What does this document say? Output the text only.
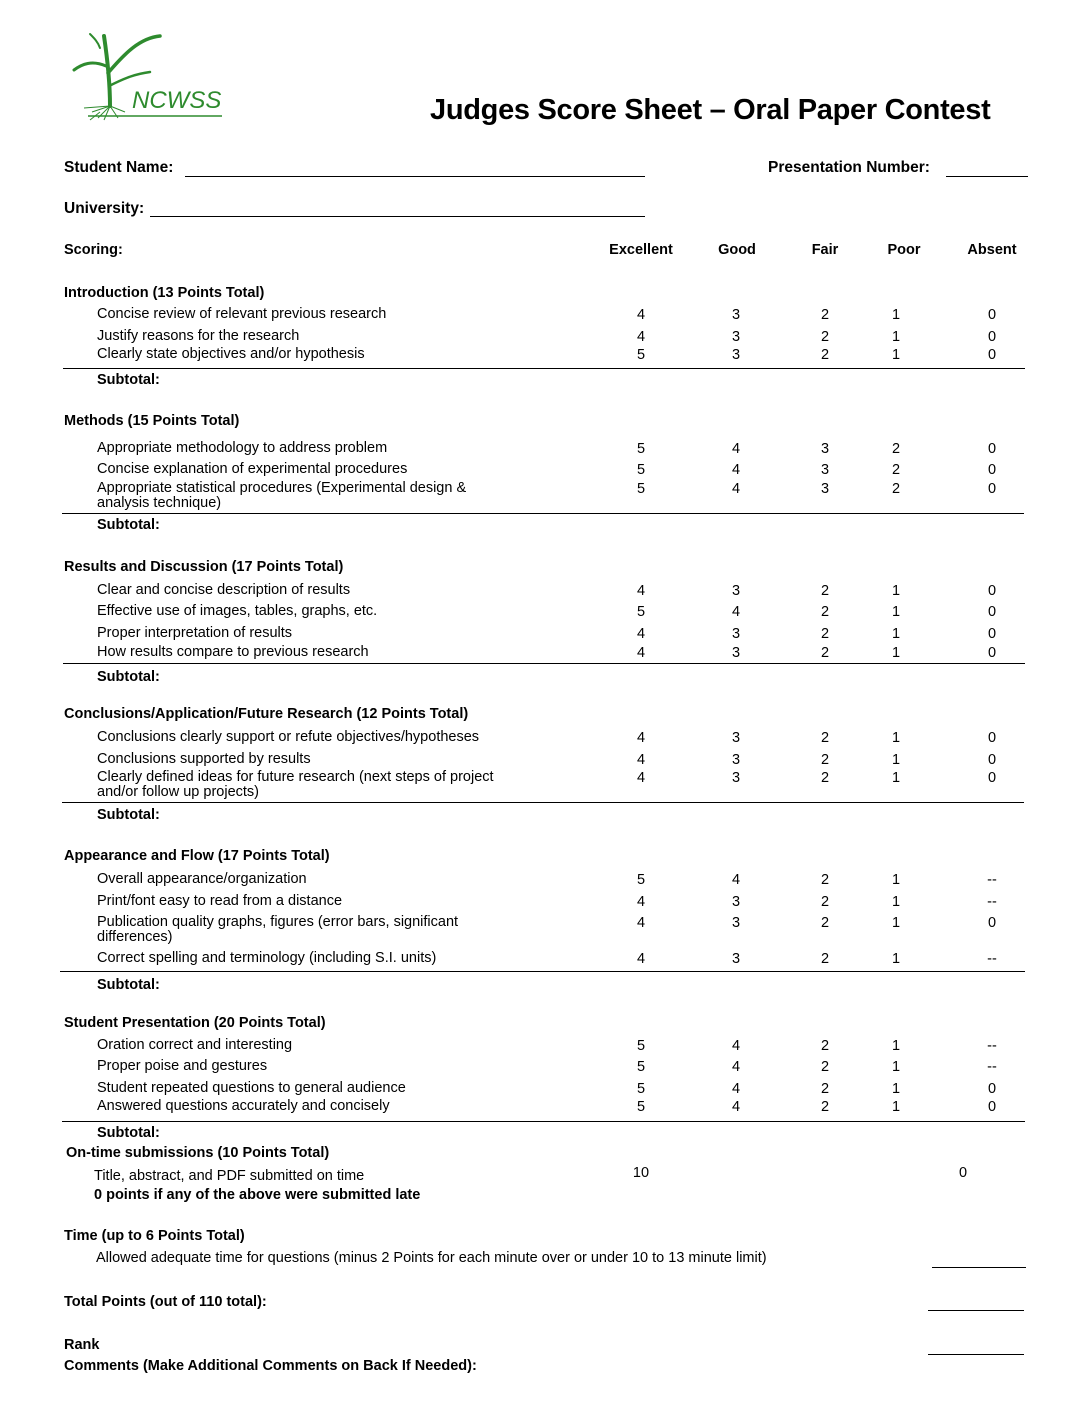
NCWSS	Judges Score Sheet – Oral Paper Contest
Student Name:	Presentation Number:
University:
Scoring:	Excellent	Good	Fair	Poor	Absent
Introduction (13 Points Total)
Concise review of relevant previous research	4	3	2	1	0
Justify reasons for the research	4	3	2	1	0
Clearly state objectives and/or hypothesis	5	3	2	1	0
Subtotal:
Methods (15 Points Total)
Appropriate methodology to address problem	5	4	3	2	0
Concise explanation of experimental procedures	5	4	3	2	0
Appropriate statistical procedures (Experimental design &
analysis technique)
5	4	3	2	0
Subtotal:
Results and Discussion (17 Points Total)
Clear and concise description of results	4	3	2	1	0
Effective use of images, tables, graphs, etc.	5	4	2	1	0
Proper interpretation of results	4	3	2	1	0
How results compare to previous research	4	3	2	1	0
Subtotal:
Conclusions/Application/Future Research (12 Points Total)
Conclusions clearly support or refute objectives/hypotheses	4	3	2	1	0
Conclusions supported by results	4	3	2	1	0
Clearly defined ideas for future research (next steps of project
and/or follow up projects)
4	3	2	1	0
Subtotal:
Appearance and Flow (17 Points Total)
Overall appearance/organization	5	4	2	1	--
Print/font easy to read from a distance	4	3	2	1	--
Publication quality graphs, figures (error bars, significant
differences)
4	3	2	1	0
Correct spelling and terminology (including S.I. units)	4	3	2	1	--
Subtotal:
Student Presentation (20 Points Total)
Oration correct and interesting	5	4	2	1	--
Proper poise and gestures	5	4	2	1	--
Student repeated questions to general audience	5	4	2	1	0
Answered questions accurately and concisely	5	4	2	1	0
Subtotal:
On-time submissions (10 Points Total)
Title, abstract, and PDF submitted on time
0 points if any of the above were submitted late
10	0
Time (up to 6 Points Total)
Allowed adequate time for questions (minus 2 Points for each minute over or under 10 to 13 minute limit)
Total Points (out of 110 total):
Rank
Comments (Make Additional Comments on Back If Needed):
